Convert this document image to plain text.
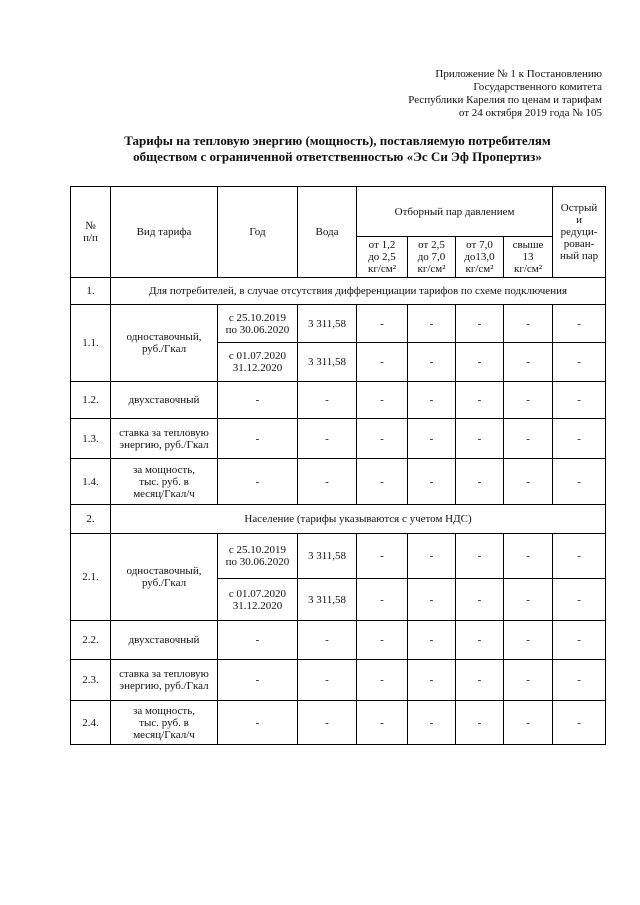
Приложение № 1 к Постановлению
Государственного комитета
Республики Карелия по ценам и тарифам
от 24 октября 2019 года № 105
Тарифы на тепловую энергию (мощность), поставляемую потребителям
обществом с ограниченной ответственностью «Эс Си Эф Пропертиз»
№
п/п	Вид тарифа	Год	Вода	Отборный пар давлением				Острый
и
редуци-
рован-
ный пар
				от 1,2
до 2,5
кг/см²	от 2,5
до 7,0
кг/см²	от 7,0
до13,0
кг/см²	свыше
13
кг/см²	
1.	Для потребителей, в случае отсутствия дифференциации тарифов по схеме подключения							
1.1.	одноставочный,
руб./Гкал	с 25.10.2019
по 30.06.2020	3 311,58	-	-	-	-	-
		с 01.07.2020
31.12.2020	3 311,58	-	-	-	-	-
1.2.	двухставочный	-	-	-	-	-	-	-
1.3.	ставка за тепловую
энергию, руб./Гкал	-	-	-	-	-	-	-
1.4.	за мощность,
тыс. руб. в
месяц/Гкал/ч	-	-	-	-	-	-	-
2.	Население (тарифы указываются с учетом НДС)							
2.1.	одноставочный,
руб./Гкал	с 25.10.2019
по 30.06.2020	3 311,58	-	-	-	-	-
		с 01.07.2020
31.12.2020	3 311,58	-	-	-	-	-
2.2.	двухставочный	-	-	-	-	-	-	-
2.3.	ставка за тепловую
энергию, руб./Гкал	-	-	-	-	-	-	-
2.4.	за мощность,
тыс. руб. в
месяц/Гкал/ч	-	-	-	-	-	-	-
